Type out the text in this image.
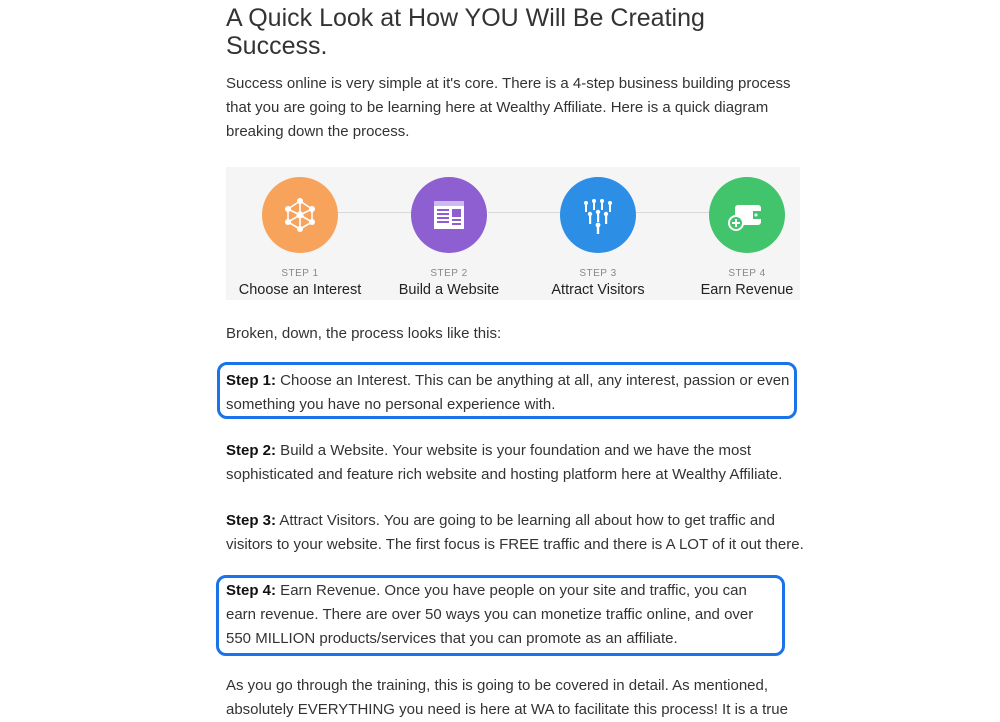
A Quick Look at How YOU Will Be Creating Success.

Success online is very simple at it's core. There is a 4-step business building process that you are going to be learning here at Wealthy Affiliate. Here is a quick diagram breaking down the process.

STEP 1
Choose an Interest
STEP 2
Build a Website
STEP 3
Attract Visitors
STEP 4
Earn Revenue

Broken, down, the process looks like this:

Step 1: Choose an Interest. This can be anything at all, any interest, passion or even something you have no personal experience with.

Step 2: Build a Website. Your website is your foundation and we have the most sophisticated and feature rich website and hosting platform here at Wealthy Affiliate.

Step 3: Attract Visitors. You are going to be learning all about how to get traffic and visitors to your website. The first focus is FREE traffic and there is A LOT of it out there.

Step 4: Earn Revenue. Once you have people on your site and traffic, you can earn revenue. There are over 50 ways you can monetize traffic online, and over 550 MILLION products/services that you can promote as an affiliate.

As you go through the training, this is going to be covered in detail. As mentioned, absolutely EVERYTHING you need is here at WA to facilitate this process! It is a true
